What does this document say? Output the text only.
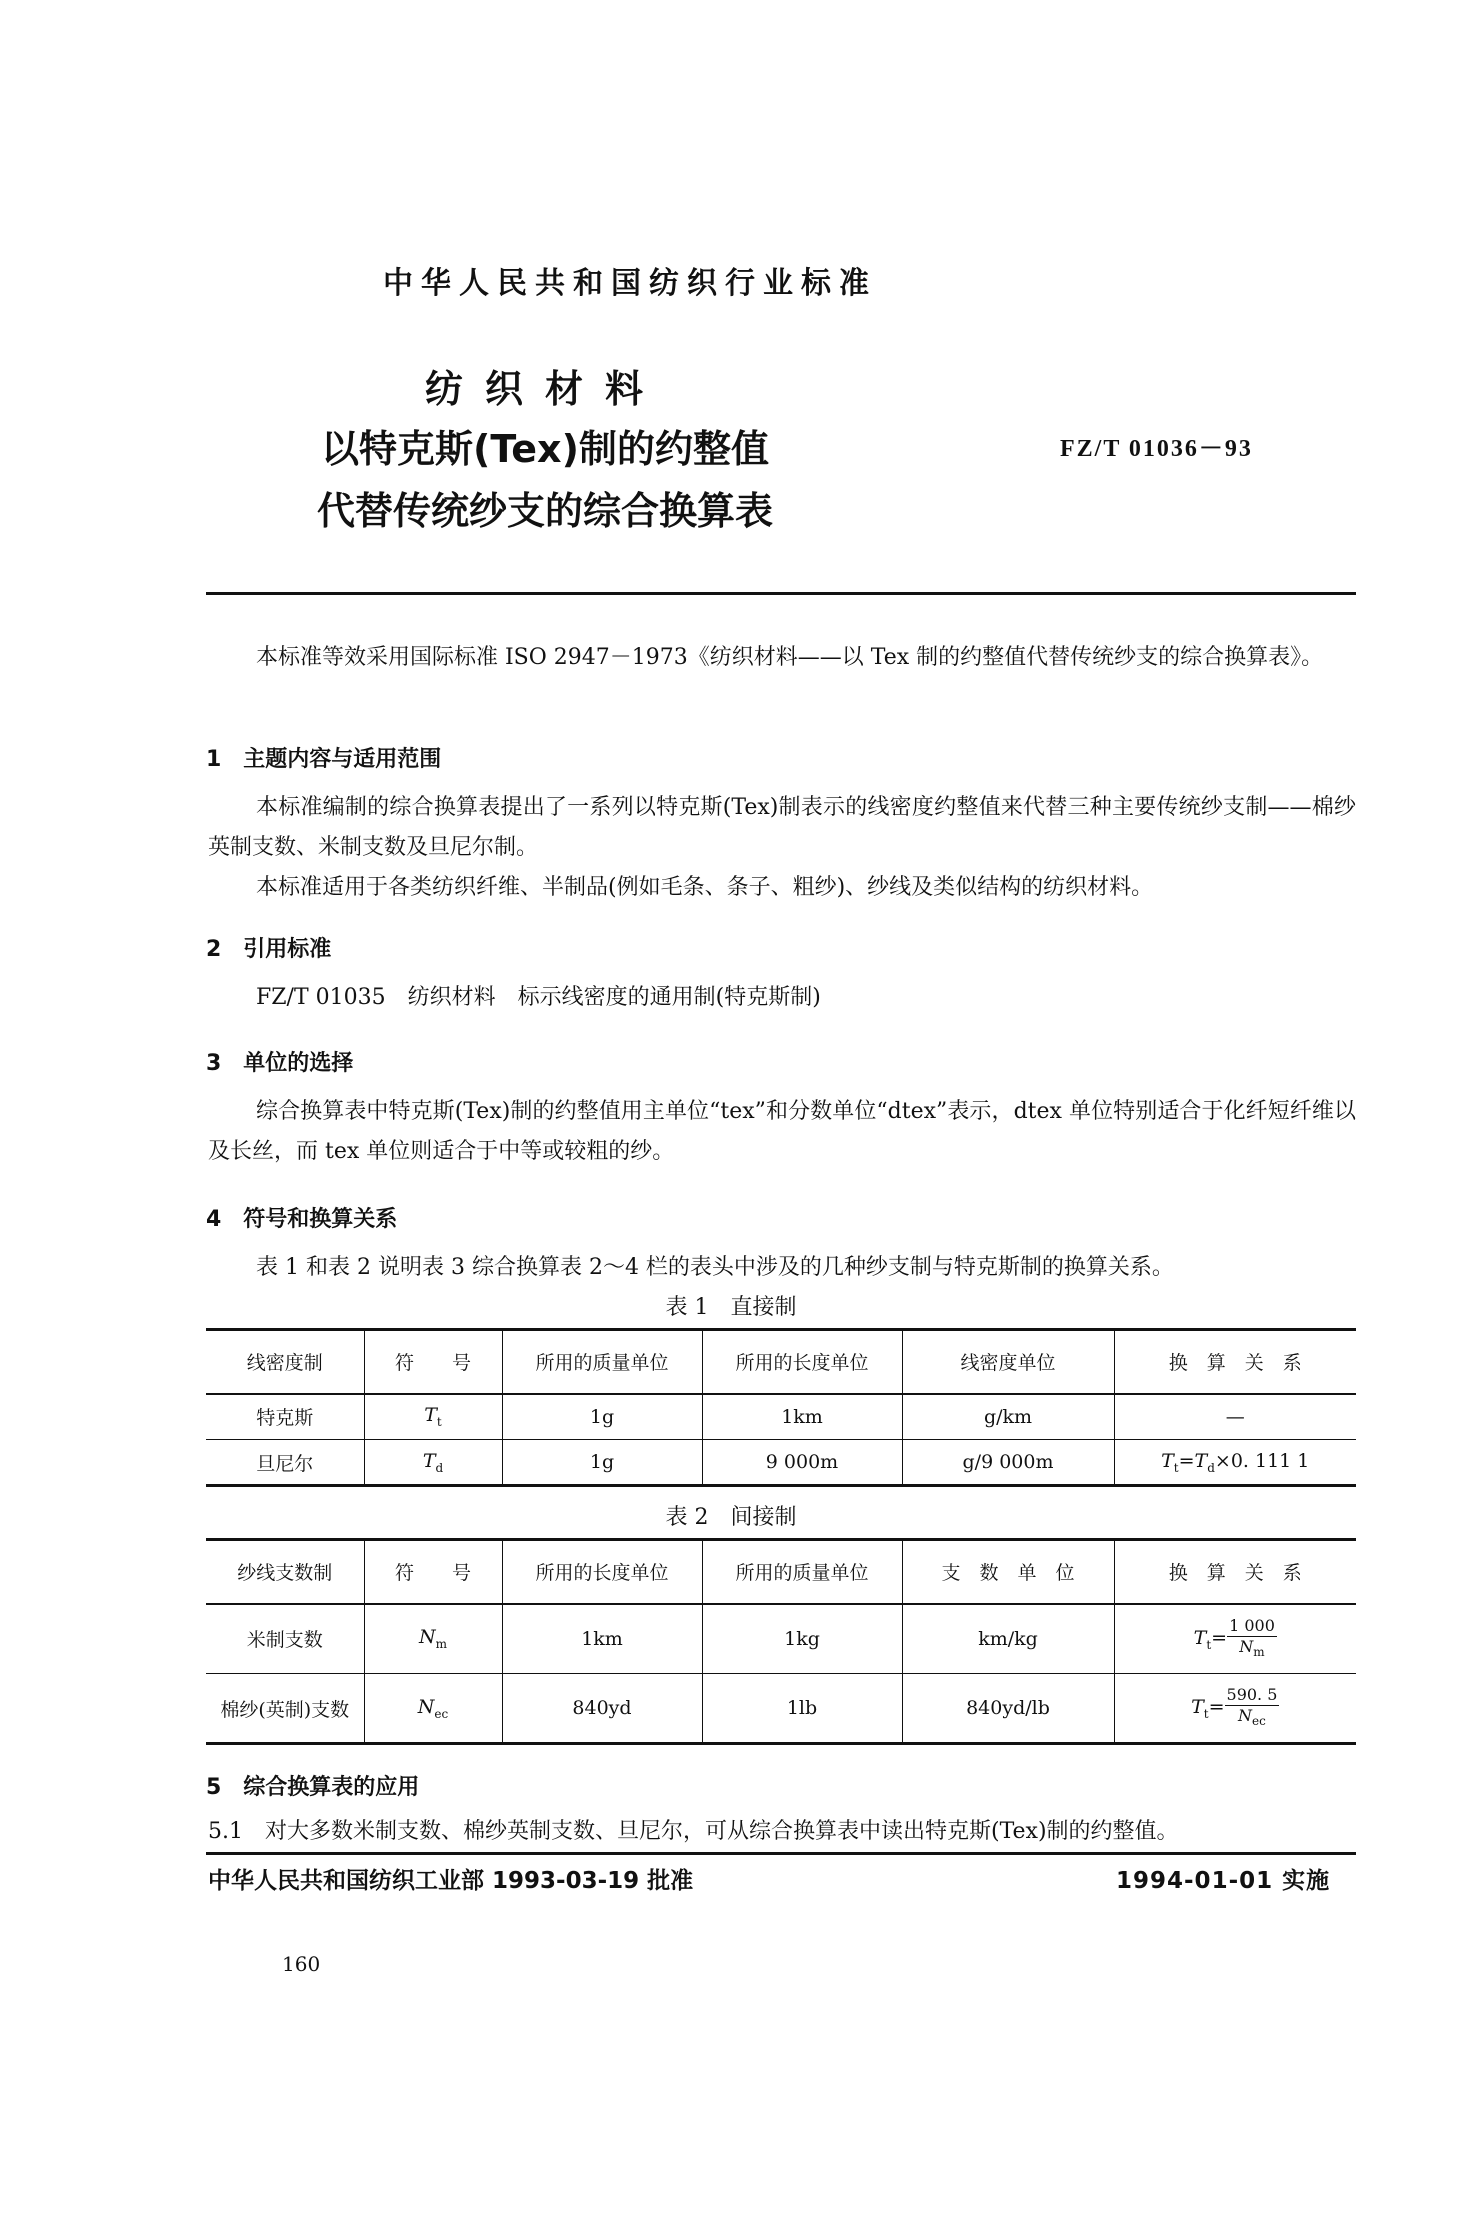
中华人民共和国纺织行业标准
纺织材料
以特克斯(Tex)制的约整值
代替传统纱支的综合换算表
FZ/T 01036－93
本标准等效采用国际标准 ISO 2947－1973《纺织材料——以 Tex 制的约整值代替传统纱支的综合换算表》。
1　主题内容与适用范围
本标准编制的综合换算表提出了一系列以特克斯(Tex)制表示的线密度约整值来代替三种主要传统纱支制——棉纱英制支数、米制支数及旦尼尔制。
本标准适用于各类纺织纤维、半制品(例如毛条、条子、粗纱)、纱线及类似结构的纺织材料。
2　引用标准
FZ/T 01035　纺织材料　标示线密度的通用制(特克斯制)
3　单位的选择
综合换算表中特克斯(Tex)制的约整值用主单位“tex”和分数单位“dtex”表示，dtex 单位特别适合于化纤短纤维以及长丝，而 tex 单位则适合于中等或较粗的纱。
4　符号和换算关系
表 1 和表 2 说明表 3 综合换算表 2～4 栏的表头中涉及的几种纱支制与特克斯制的换算关系。
表 1　直接制
线密度制	符　　号	所用的质量单位	所用的长度单位	线密度单位	换　算　关　系
特克斯	$T_t$	1g	1km	g/km	—
旦尼尔	$T_d$	1g	9 000m	g/9 000m	$T_t=T_d\times 0$. 111 1
表 2　间接制
纱线支数制	符　　号	所用的长度单位	所用的质量单位	支　数　单　位	换　算　关　系
米制支数	$N_m$	1km	1kg	km/kg	$T_t= \frac{1 000}{N_m}$

棉纱(英制)支数	$N_{ec}$	840yd	1lb	840yd/lb	$T_t= \frac{590. 5}{N_{ec}}$
5　综合换算表的应用
5.1　对大多数米制支数、棉纱英制支数、旦尼尔，可从综合换算表中读出特克斯(Tex)制的约整值。
中华人民共和国纺织工业部 1993-03-19 批准	1994-01-01 实施
160
